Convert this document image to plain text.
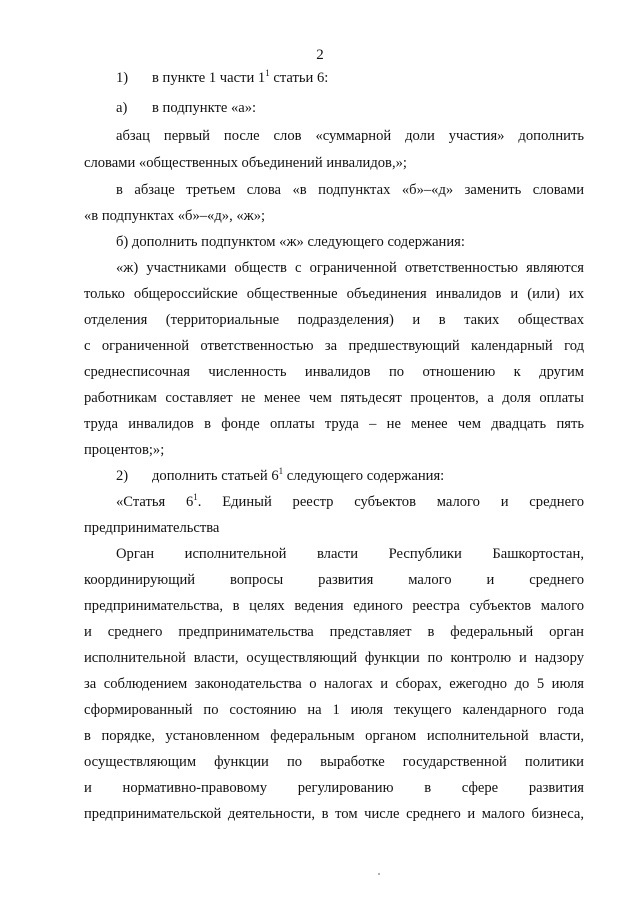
2
1) в пункте 1 части $1^1$ статьи 6:
а) в подпункте «а»:
абзац первый после слов «суммарной доли участия» дополнить
словами «общественных объединений инвалидов,»;
в абзаце третьем слова «в подпунктах «б»–«д» заменить словами
«в подпунктах «б»–«д», «ж»;
б) дополнить подпунктом «ж» следующего содержания:
«ж) участниками обществ с ограниченной ответственностью являются
только общероссийские общественные объединения инвалидов и (или) их
отделения (территориальные подразделения) и в таких обществах
с ограниченной ответственностью за предшествующий календарный год
среднесписочная численность инвалидов по отношению к другим
работникам составляет не менее чем пятьдесят процентов, а доля оплаты
труда инвалидов в фонде оплаты труда – не менее чем двадцать пять
процентов;»;
2) дополнить статьей $6^1$ следующего содержания:
«Статья $6^1$. Единый реестр субъектов малого и среднего
предпринимательства
Орган исполнительной власти Республики Башкортостан,
координирующий вопросы развития малого и среднего
предпринимательства, в целях ведения единого реестра субъектов малого
и среднего предпринимательства представляет в федеральный орган
исполнительной власти, осуществляющий функции по контролю и надзору
за соблюдением законодательства о налогах и сборах, ежегодно до 5 июля
сформированный по состоянию на 1 июля текущего календарного года
в порядке, установленном федеральным органом исполнительной власти,
осуществляющим функции по выработке государственной политики
и нормативно-правовому регулированию в сфере развития
предпринимательской деятельности, в том числе среднего и малого бизнеса,
